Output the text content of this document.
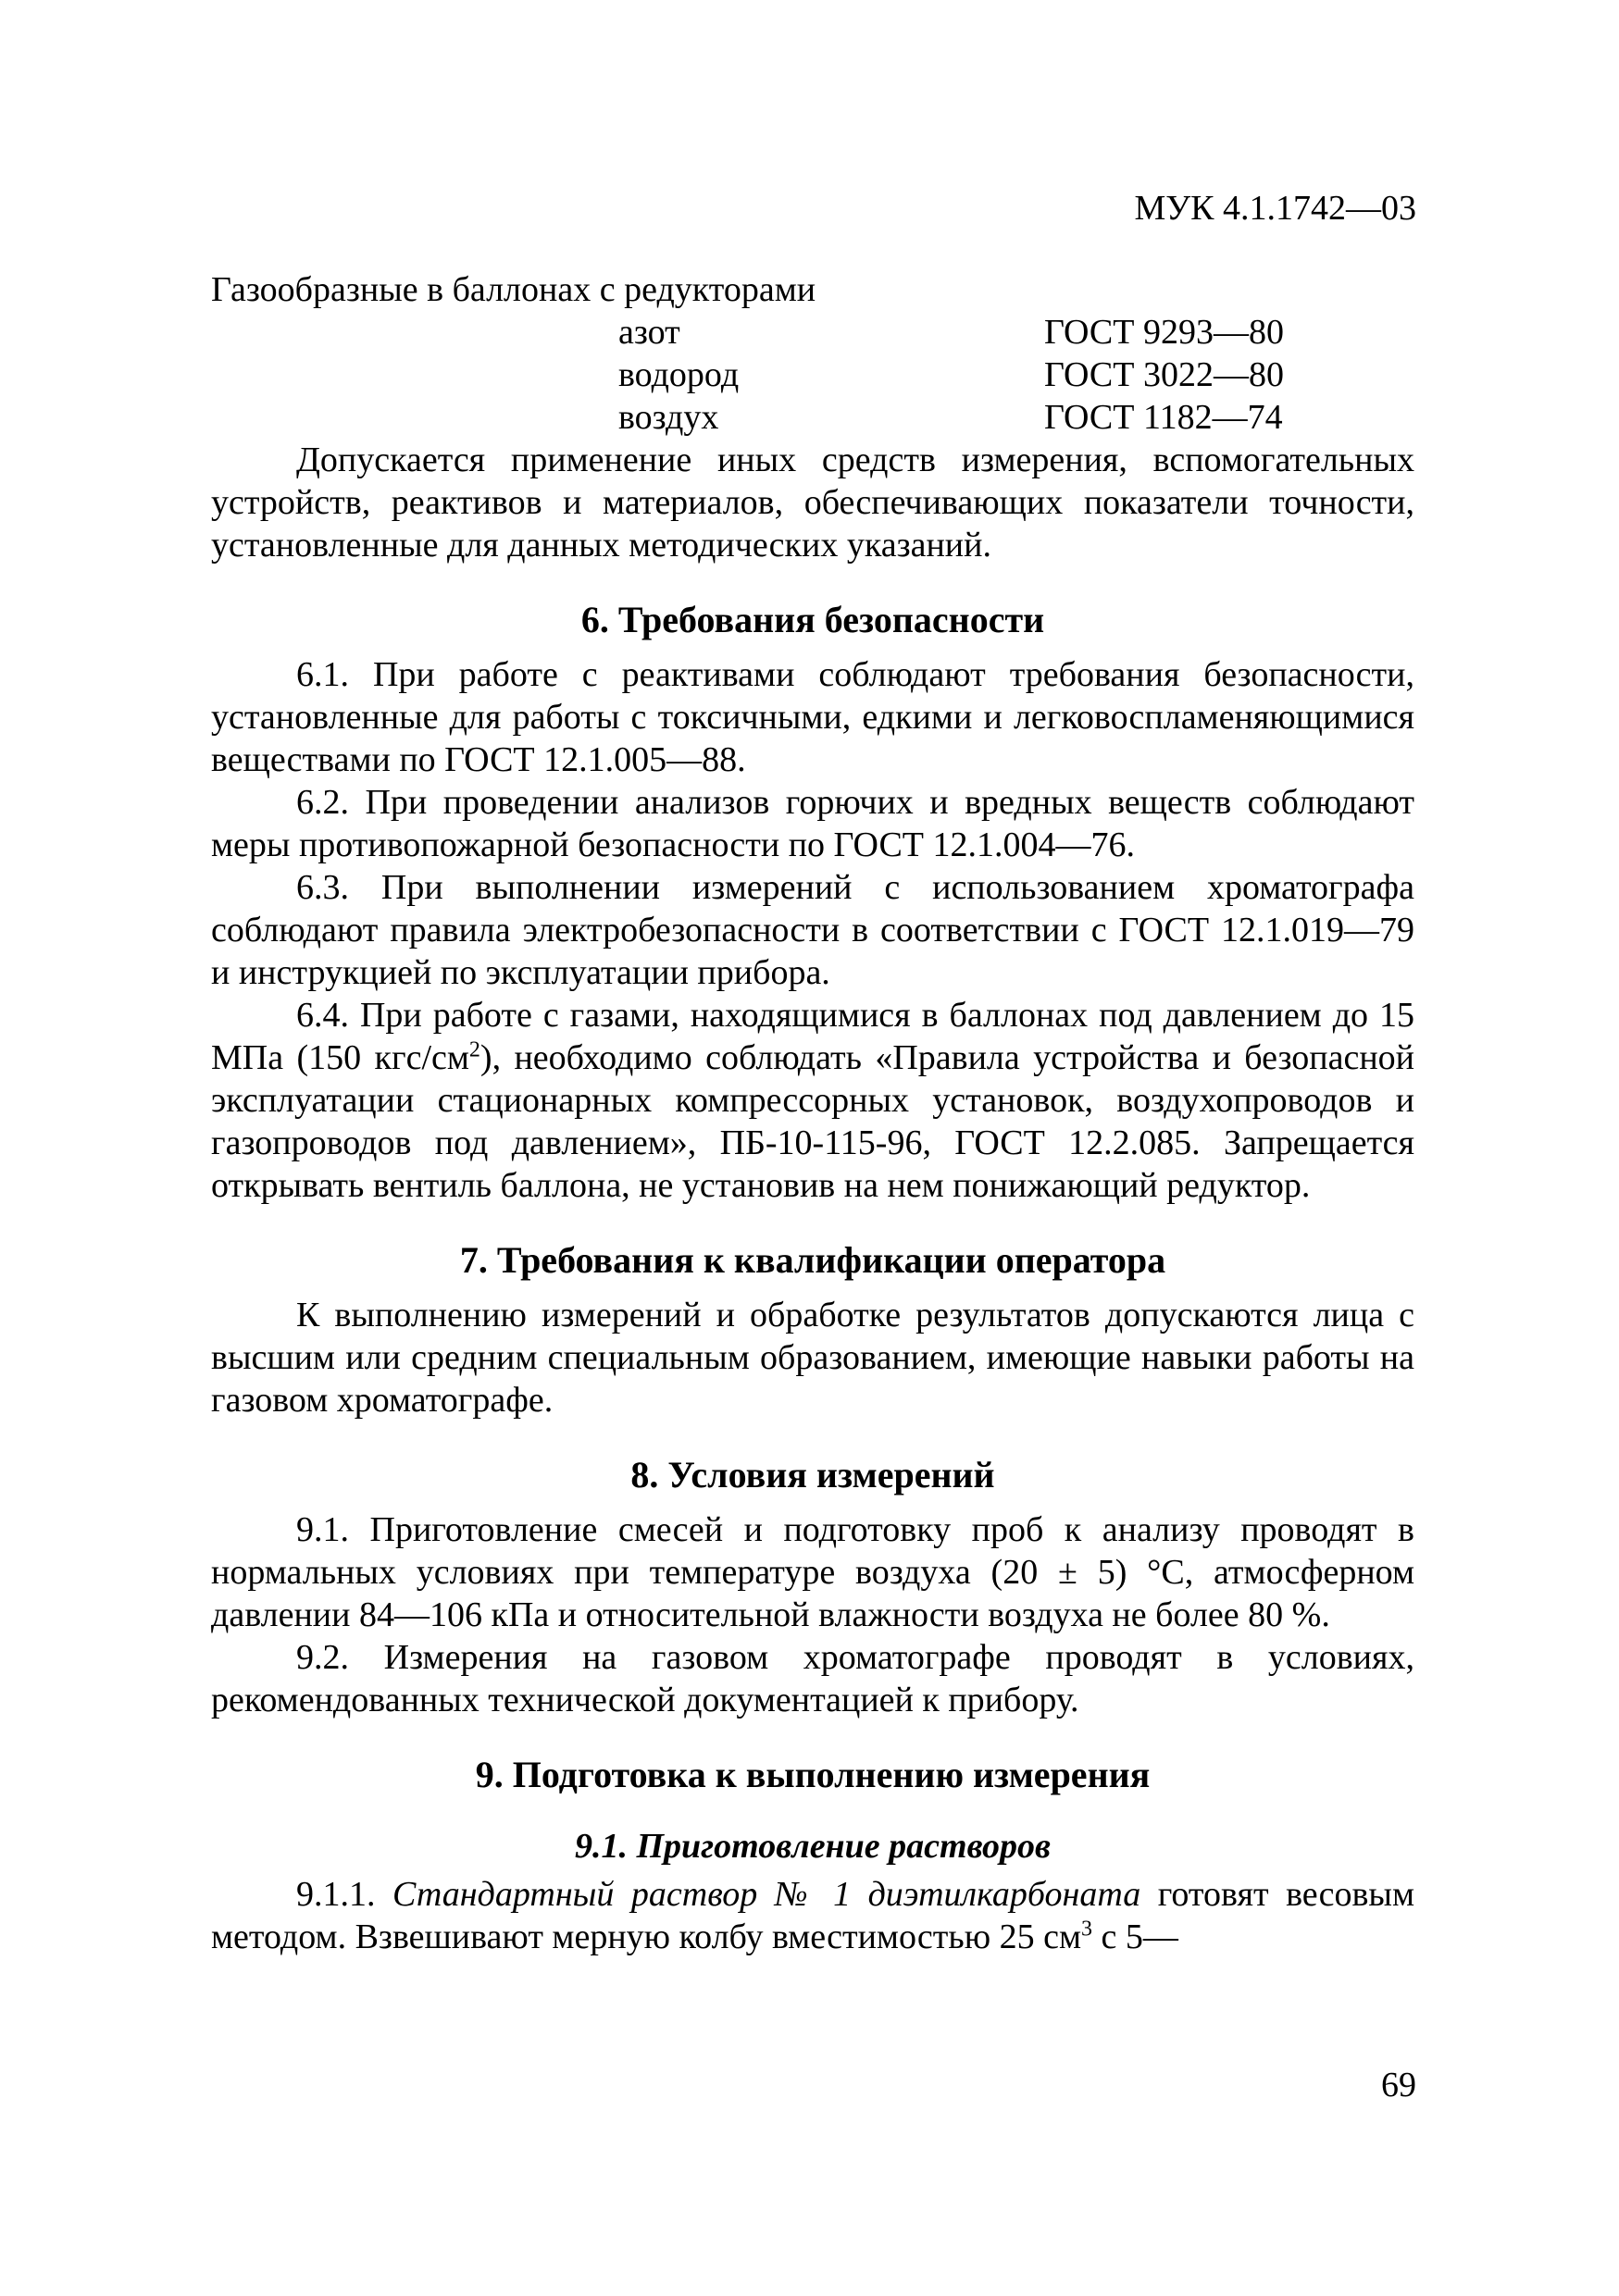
МУК 4.1.1742—03

Газообразные в баллонах с редукторами

азот	ГОСТ 9293—80
водород	ГОСТ 3022—80
воздух	ГОСТ 1182—74

Допускается применение иных средств измерения, вспомогательных устройств, реактивов и материалов, обеспечивающих показатели точности, установленные для данных методических указаний.

6. Требования безопасности

6.1. При работе с реактивами соблюдают требования безопасности, установленные для работы с токсичными, едкими и легковоспламеняющимися веществами по ГОСТ 12.1.005—88.

6.2. При проведении анализов горючих и вредных веществ соблюдают меры противопожарной безопасности по ГОСТ 12.1.004—76.

6.3. При выполнении измерений с использованием хроматографа соблюдают правила электробезопасности в соответствии с ГОСТ 12.1.019—79 и инструкцией по эксплуатации прибора.

6.4. При работе с газами, находящимися в баллонах под давлением до 15 МПа (150 кгс/$см^2$), необходимо соблюдать «Правила устройства и безопасной эксплуатации стационарных компрессорных установок, воздухопроводов и газопроводов под давлением», ПБ-10-115-96, ГОСТ 12.2.085. Запрещается открывать вентиль баллона, не установив на нем понижающий редуктор.

7. Требования к квалификации оператора

К выполнению измерений и обработке результатов допускаются лица с высшим или средним специальным образованием, имеющие навыки работы на газовом хроматографе.

8. Условия измерений

9.1. Приготовление смесей и подготовку проб к анализу проводят в нормальных условиях при температуре воздуха (20 ± 5) °С, атмосферном давлении 84—106 кПа и относительной влажности воздуха не более 80 %.

9.2. Измерения на газовом хроматографе проводят в условиях, рекомендованных технической документацией к прибору.

9. Подготовка к выполнению измерения
9.1. Приготовление растворов

9.1.1. Стандартный раствор № 1 диэтилкарбоната готовят весовым методом. Взвешивают мерную колбу вместимостью 25 $см^3$ с 5—

69
